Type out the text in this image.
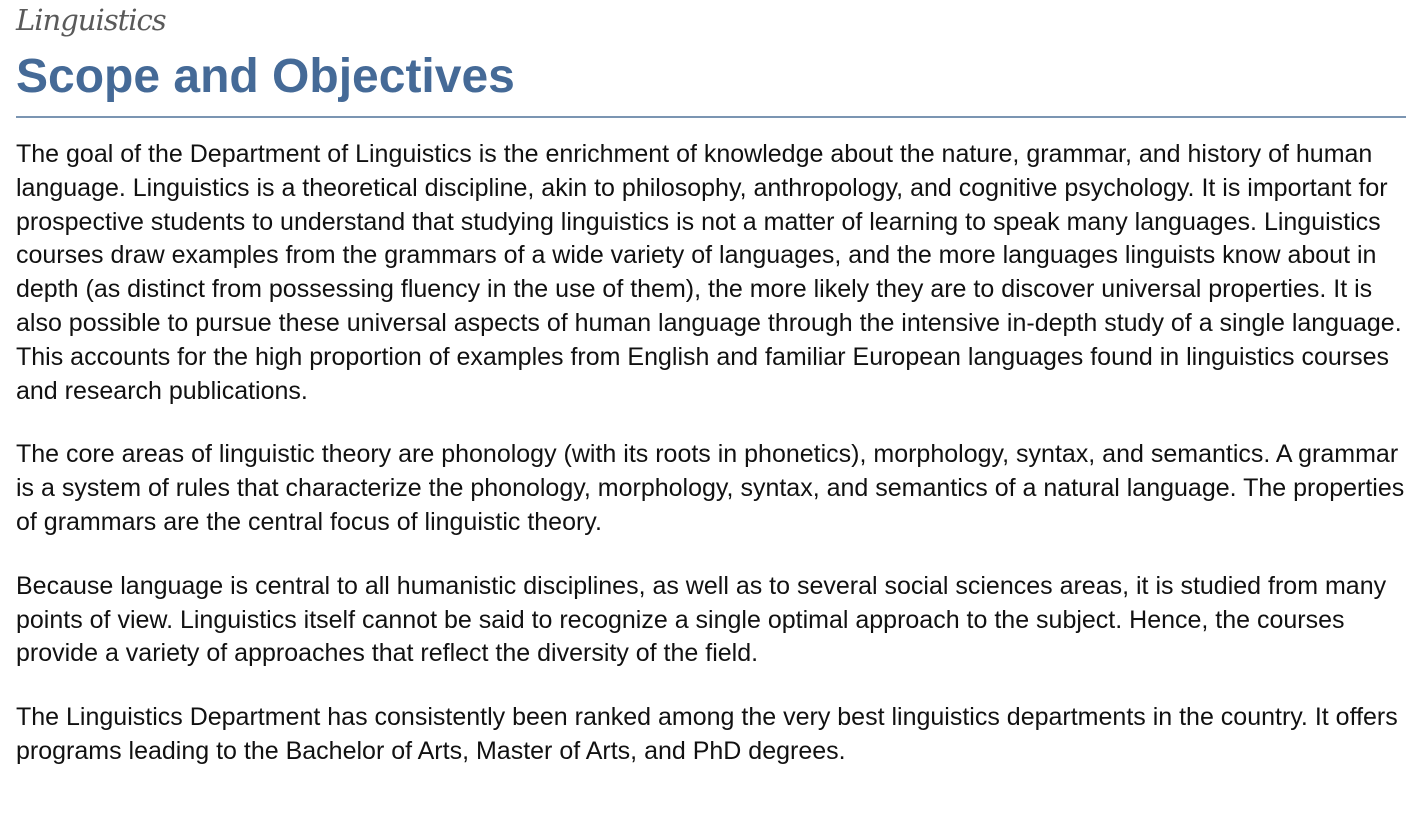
Linguistics
Scope and Objectives

The goal of the Department of Linguistics is the enrichment of knowledge about the nature, grammar, and history of human language. Linguistics is a theoretical discipline, akin to philosophy, anthropology, and cognitive psychology. It is important for prospective students to understand that studying linguistics is not a matter of learning to speak many languages. Linguistics courses draw examples from the grammars of a wide variety of languages, and the more languages linguists know about in depth (as distinct from possessing fluency in the use of them), the more likely they are to discover universal properties. It is also possible to pursue these universal aspects of human language through the intensive in-depth study of a single language. This accounts for the high proportion of examples from English and familiar European languages found in linguistics courses and research publications.

The core areas of linguistic theory are phonology (with its roots in phonetics), morphology, syntax, and semantics. A grammar is a system of rules that characterize the phonology, morphology, syntax, and semantics of a natural language. The properties of grammars are the central focus of linguistic theory.

Because language is central to all humanistic disciplines, as well as to several social sciences areas, it is studied from many points of view. Linguistics itself cannot be said to recognize a single optimal approach to the subject. Hence, the courses provide a variety of approaches that reflect the diversity of the field.

The Linguistics Department has consistently been ranked among the very best linguistics departments in the country. It offers programs leading to the Bachelor of Arts, Master of Arts, and PhD degrees.
